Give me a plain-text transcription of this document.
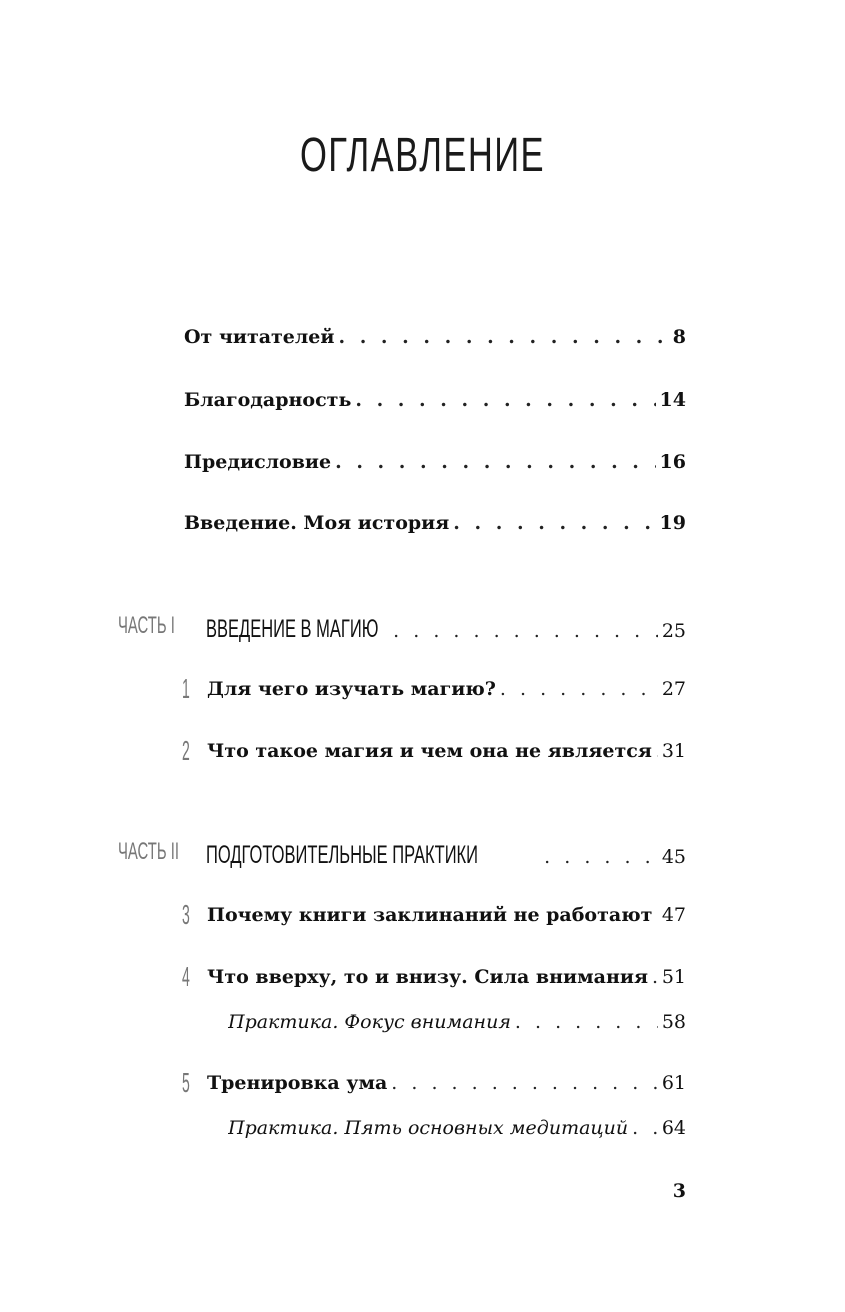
ОГЛАВЛЕНИЕ
От читателей . . .	8
Благодарность . . .	14
Предисловие . . .	16
Введение. Моя история . . .	19
ЧАСТЬ I ВВЕДЕНИЕ В МАГИЮ . . .	25
1 Для чего изучать магию? . . .	27
2 Что такое магия и чем она не является . . . 31
ЧАСТЬ II ПОДГОТОВИТЕЛЬНЫЕ ПРАКТИКИ . . .	45
3 Почему книги заклинаний не работают . . . 47
4 Что вверху, то и внизу. Сила внимания . . . 51
Практика. Фокус внимания . . .	58
5 Тренировка ума . . .	61
Практика. Пять основных медитаций . . . 64
3
